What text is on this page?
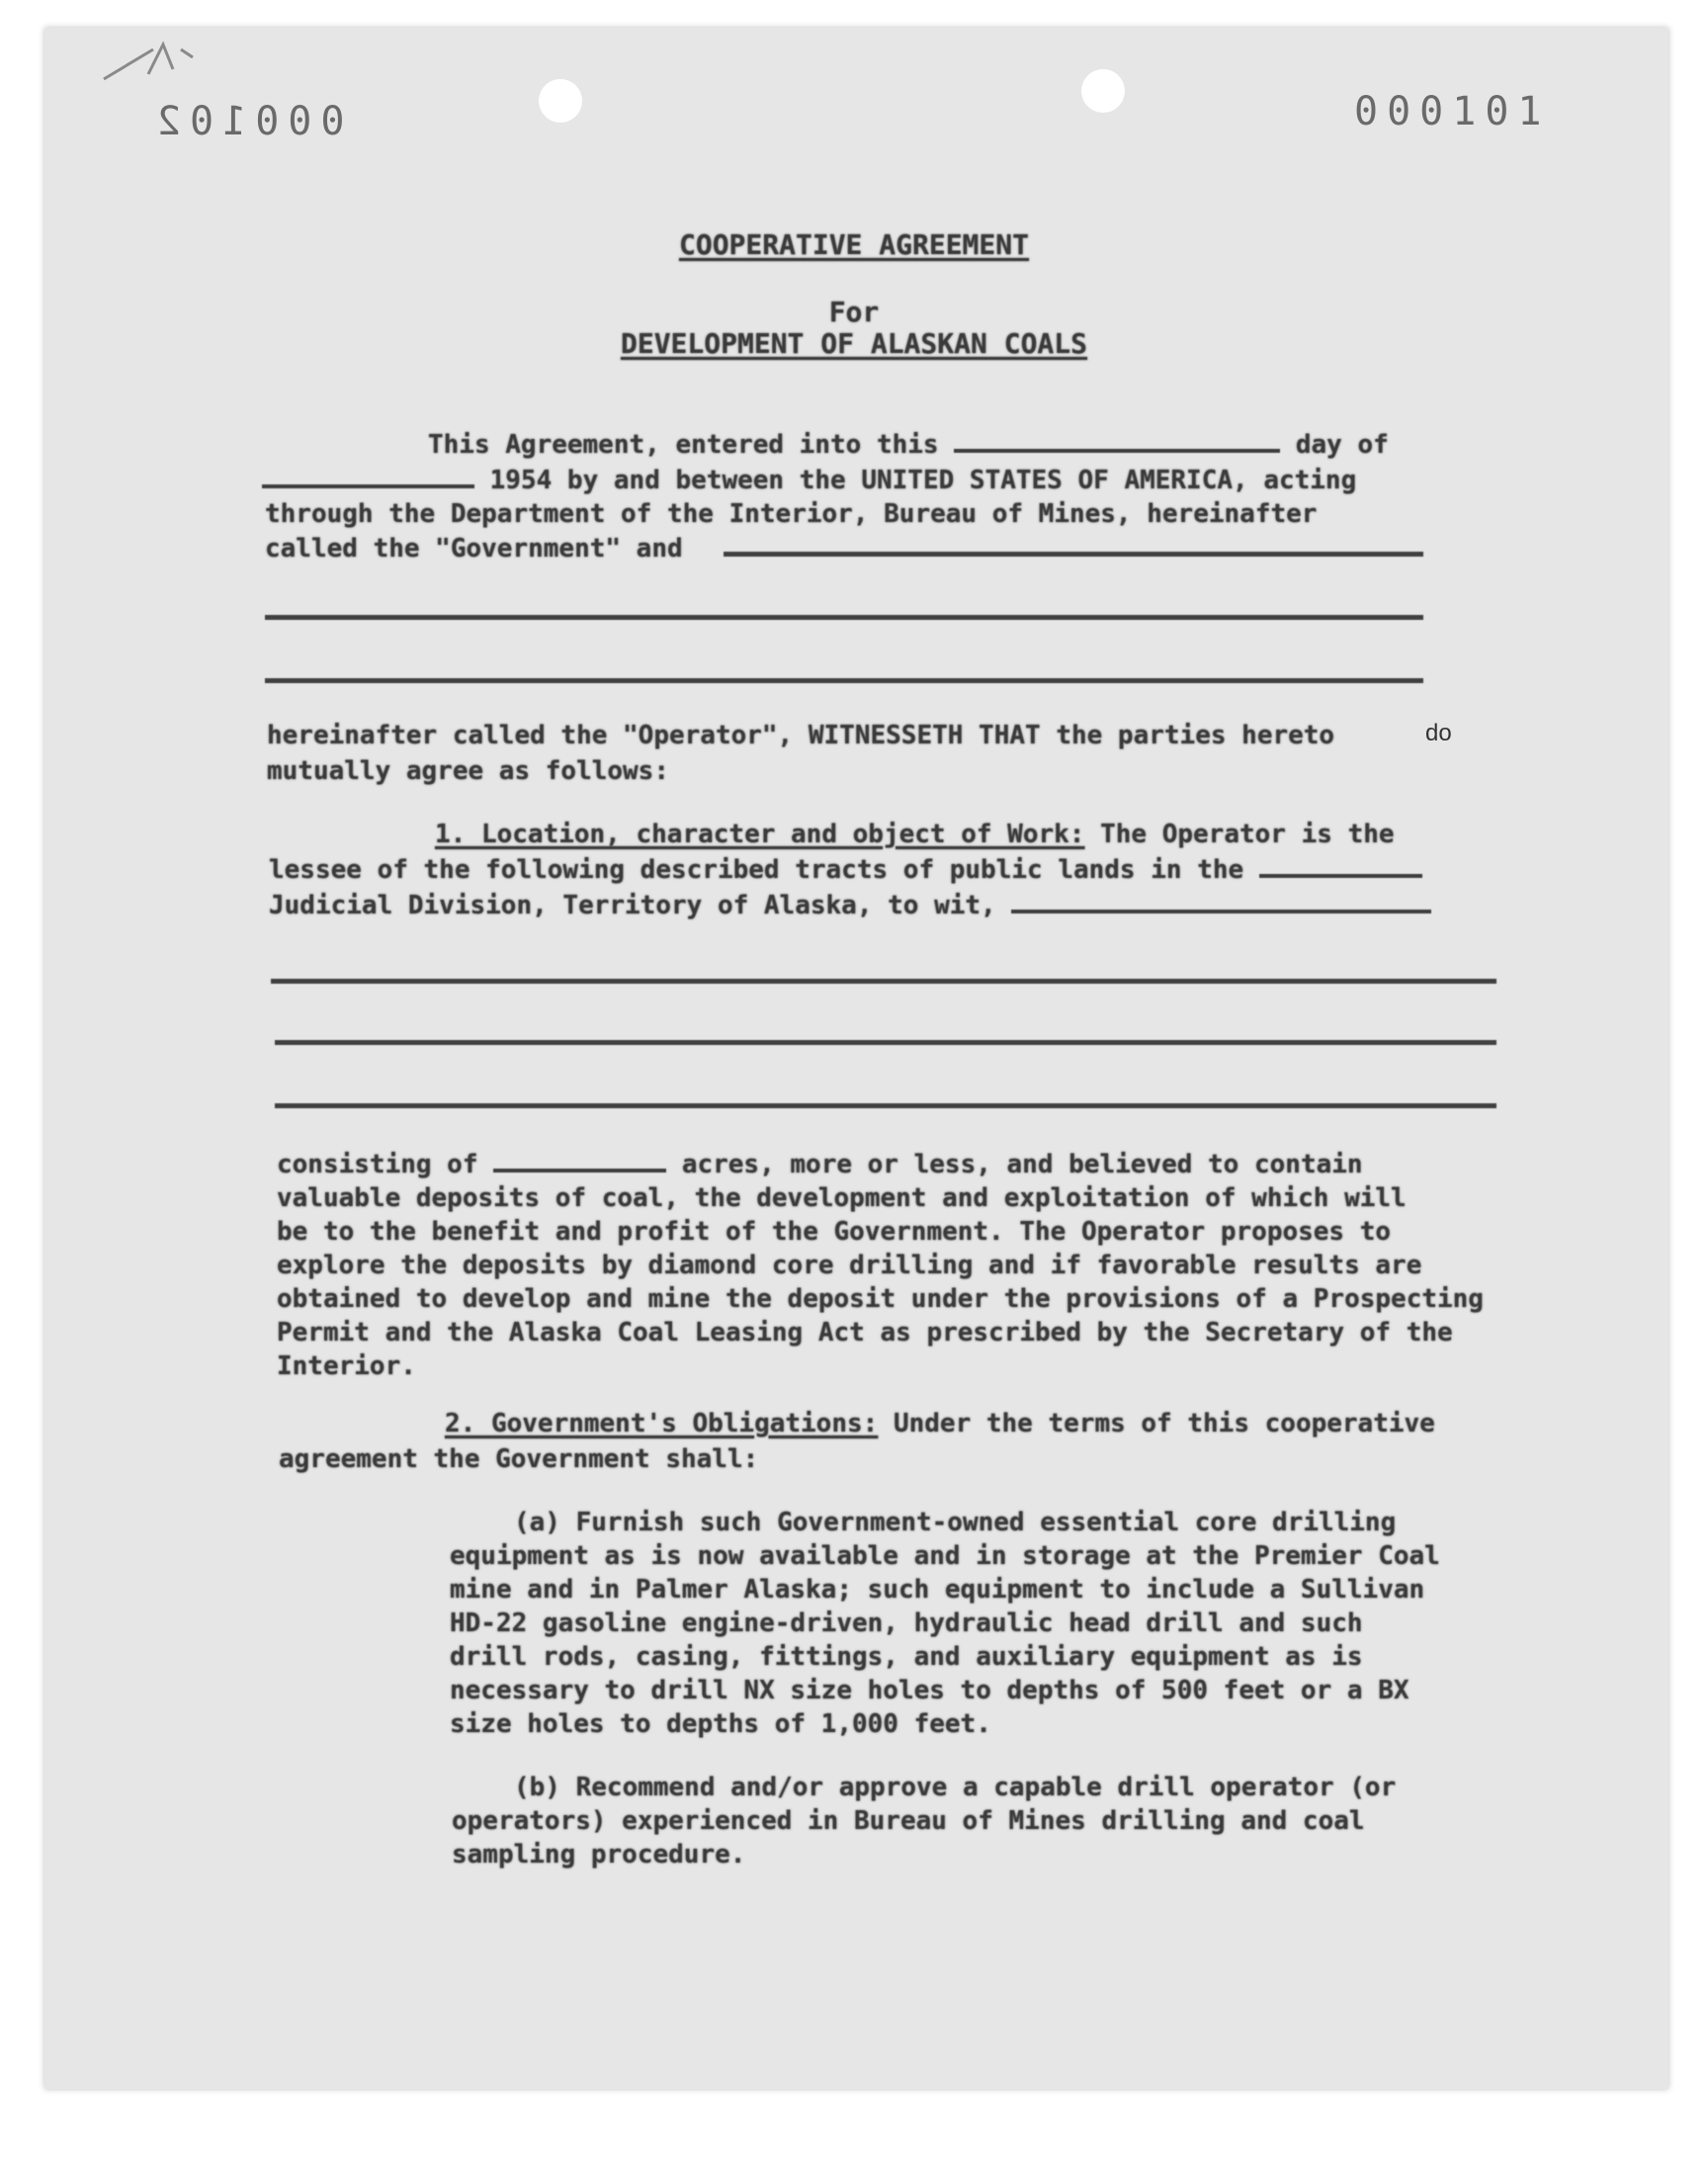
000102	000101
COOPERATIVE AGREEMENT
For
DEVELOPMENT OF ALASKAN COALS
This Agreement, entered into this	day of
1954 by and between the UNITED STATES OF AMERICA, acting
through the Department of the Interior, Bureau of Mines, hereinafter
called the "Government" and
hereinafter called the "Operator", WITNESSETH THAT the parties hereto	do
mutually agree as follows:
1. Location, character and object of Work: The Operator is the
lessee of the following described tracts of public lands in the
Judicial Division, Territory of Alaska, to wit,
consisting of	acres, more or less, and believed to contain
valuable deposits of coal, the development and exploitation of which will
be to the benefit and profit of the Government. The Operator proposes to
explore the deposits by diamond core drilling and if favorable results are
obtained to develop and mine the deposit under the provisions of a Prospecting
Permit and the Alaska Coal Leasing Act as prescribed by the Secretary of the
Interior.
2. Government's Obligations: Under the terms of this cooperative
agreement the Government shall:
(a) Furnish such Government-owned essential core drilling
equipment as is now available and in storage at the Premier Coal
mine and in Palmer Alaska; such equipment to include a Sullivan
HD-22 gasoline engine-driven, hydraulic head drill and such
drill rods, casing, fittings, and auxiliary equipment as is
necessary to drill NX size holes to depths of 500 feet or a BX
size holes to depths of 1,000 feet.
(b) Recommend and/or approve a capable drill operator (or
operators) experienced in Bureau of Mines drilling and coal
sampling procedure.
